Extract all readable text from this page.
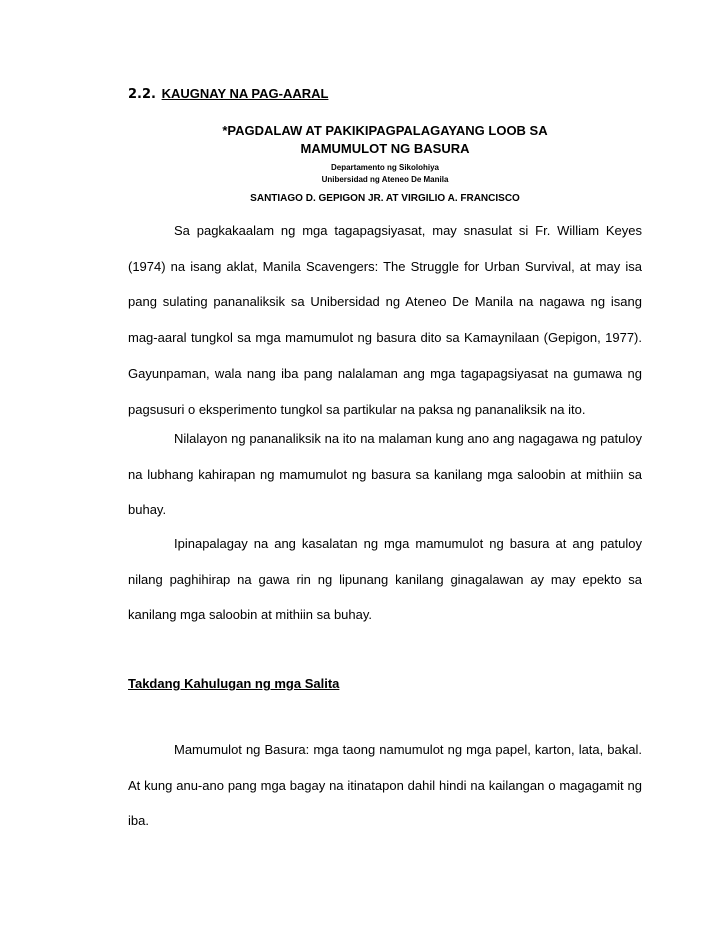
2.2. KAUGNAY NA PAG-AARAL
*PAGDALAW AT PAKIKIPAGPALAGAYANG LOOB SA
MAMUMULOT NG BASURA
Departamento ng Sikolohiya
Unibersidad ng Ateneo De Manila
SANTIAGO D. GEPIGON JR. AT VIRGILIO A. FRANCISCO

Sa pagkakaalam ng mga tagapagsiyasat, may snasulat si Fr. William Keyes (1974) na isang aklat, Manila Scavengers: The Struggle for Urban Survival, at may isa pang sulating pananaliksik sa Unibersidad ng Ateneo De Manila na nagawa ng isang mag-aaral tungkol sa mga mamumulot ng basura dito sa Kamaynilaan (Gepigon, 1977). Gayunpaman, wala nang iba pang nalalaman ang mga tagapagsiyasat na gumawa ng pagsusuri o eksperimento tungkol sa partikular na paksa ng pananaliksik na ito.

Nilalayon ng pananaliksik na ito na malaman kung ano ang nagagawa ng patuloy na lubhang kahirapan ng mamumulot ng basura sa kanilang mga saloobin at mithiin sa buhay.

Ipinapalagay na ang kasalatan ng mga mamumulot ng basura at ang patuloy nilang paghihirap na gawa rin ng lipunang kanilang ginagalawan ay may epekto sa kanilang mga saloobin at mithiin sa buhay.

Takdang Kahulugan ng mga Salita

Mamumulot ng Basura: mga taong namumulot ng mga papel, karton, lata, bakal. At kung anu-ano pang mga bagay na itinatapon dahil hindi na kailangan o magagamit ng iba.
